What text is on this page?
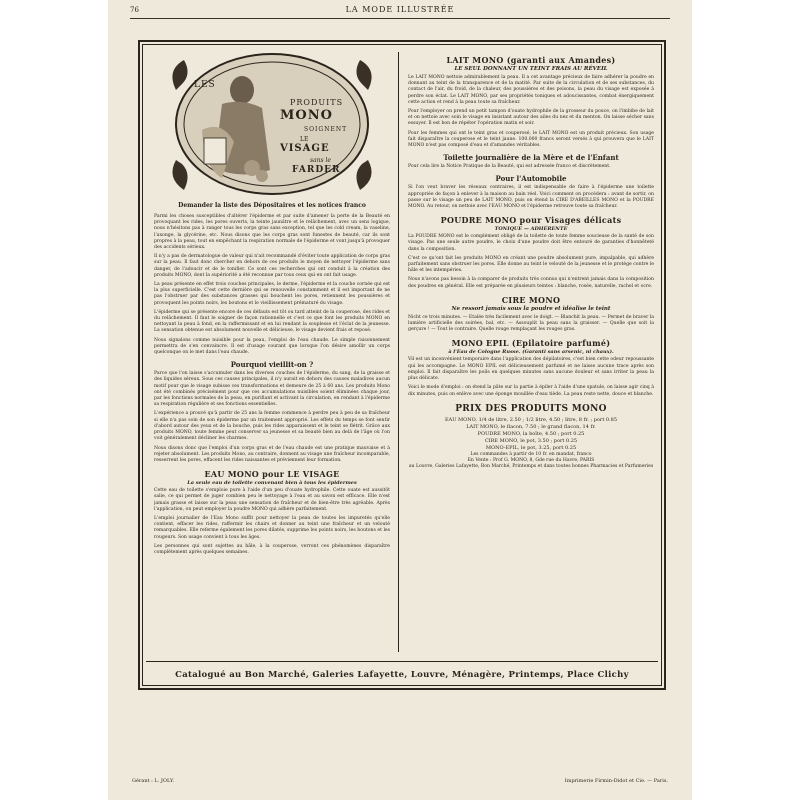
76	LA MODE ILLUSTRÉE
LES
PRODUITS
MONO
SOIGNENT
LE
VISAGE
sans le
FARDER
Demander la liste des Dépositaires et les notices franco

Parmi les choses susceptibles d'altérer l'épiderme et par suite d'amener la perte de la Beauté en provoquant les rides, les pores ouverts, la teinte jaunâtre et le relâchement, avec un sens logique, nous n'hésitons pas à ranger tous les corps gras sans exception, tel que les cold cream, la vaseline, l'axonge, la glycérine, etc. Nous disons que les corps gras sont funestes de beauté, car ils sont propres à la peau, tout en empêchant la respiration normale de l'épiderme et vont jusqu'à provoquer des accidents sérieux.

Il n'y a pas de dermatologue de valeur qui n'ait recommandé d'éviter toute application de corps gras sur la peau. Il faut donc chercher en dehors de ces produits le moyen de nettoyer l'épiderme sans danger, de l'adoucir et de le tonifier. Ce sont ces recherches qui ont conduit à la création des produits MONO, dont la supériorité a été reconnue par tous ceux qui en ont fait usage.

La peau présente en effet trois couches principales, le derme, l'épiderme et la couche cornée qui est la plus superficielle. C'est cette dernière qui se renouvelle constamment et il est important de ne pas l'obstruer par des substances grasses qui bouchent les pores, retiennent les poussières et provoquent les points noirs, les boutons et le vieillissement prématuré du visage.

L'épiderme qui se présente encore de ces défauts est tôt ou tard atteint de la couperose, des rides et du relâchement. Il faut le soigner de façon rationnelle et c'est ce que font les produits MONO en nettoyant la peau à fond, en la raffermissant et en lui rendant la souplesse et l'éclat de la jeunesse. La sensation obtenue est absolument nouvelle et délicieuse, le visage devient frais et reposé.

Nous signalons comme nuisible pour la peau, l'emploi de l'eau chaude. Le simple raisonnement permettra de s'en convaincre. Il est d'usage courant que lorsque l'on désire amollir un corps quelconque on le met dans l'eau chaude.

Pourquoi vieillit-on ?

Parce que l'on laisse s'accumuler dans les diverses couches de l'épiderme, du sang, de la graisse et des liquides séreux. Sous ces causes principales, il n'y aurait en dehors des causes maladives aucun motif pour que le visage subisse ces transformations et demeure de 25 à 60 ans. Les produits Mono ont été combinés précisément pour que ces accumulations nuisibles soient éliminées chaque jour, par les fonctions normales de la peau, en purifiant et activant la circulation, en rendant à l'épiderme sa respiration régulière et ses fonctions essentielles.

L'expérience a prouvé qu'à partir de 25 ans la femme commence à perdre peu à peu de sa fraîcheur si elle n'a pas soin de son épiderme par un traitement approprié. Les effets du temps se font sentir d'abord autour des yeux et de la bouche, puis les rides apparaissent et le teint se flétrit. Grâce aux produits MONO, toute femme peut conserver sa jeunesse et sa beauté bien au delà de l'âge où l'on voit généralement décliner les charmes.

Nous disons donc que l'emploi d'un corps gras et de l'eau chaude est une pratique mauvaise et à rejeter absolument. Les produits Mono, au contraire, donnent au visage une fraîcheur incomparable, resserrent les pores, effacent les rides naissantes et préviennent leur formation.

EAU MONO pour LE VISAGE
La seule eau de toilette convenant bien à tous les épidermes

Cette eau de toilette s'emploie pure à l'aide d'un peu d'ouate hydrophile. Cette ouate est aussitôt salie, ce qui permet de juger combien peu le nettoyage à l'eau et au savon est efficace. Elle n'est jamais grasse et laisse sur la peau une sensation de fraîcheur et de bien-être très agréable. Après l'application, on peut employer la poudre MONO qui adhère parfaitement.

L'emploi journalier de l'Eau Mono suffit pour nettoyer la peau de toutes les impuretés qu'elle contient, effacer les rides, raffermir les chairs et donner au teint une fraîcheur et un velouté remarquables. Elle referme également les pores dilatés, supprime les points noirs, les boutons et les rougeurs. Son usage convient à tous les âges.

Les personnes qui sont sujettes au hâle, à la couperose, verront ces phénomènes disparaître complètement après quelques semaines.

LAIT MONO (garanti aux Amandes)
LE SEUL DONNANT UN TEINT FRAIS AU RÉVEIL

Le LAIT MONO nettoie admirablement la peau. Il a cet avantage précieux de faire adhérer la poudre en donnant au teint de la transparence et de la matité. Par suite de la circulation et de ses substances, du contact de l'air, du froid, de la chaleur, des poussières et des poisons, la peau du visage est exposée à perdre son éclat. Le LAIT MONO, par ses propriétés toniques et adoucissantes, combat énergiquement cette action et rend à la peau toute sa fraîcheur.

Pour l'employer on prend un petit tampon d'ouate hydrophile de la grosseur du pouce, on l'imbibe de lait et on nettoie avec soin le visage en insistant autour des ailes du nez et du menton. On laisse sécher sans essuyer. Il est bon de répéter l'opération matin et soir.

Pour les femmes qui ont le teint gras et couperosé, le LAIT MONO est un produit précieux. Son usage fait disparaître la couperose et le teint jaune. 100.000 francs seront versés à qui prouvera que le LAIT MONO n'est pas composé d'eau et d'amandes véritables.

Toilette journalière de la Mère et de l'Enfant

Pour cela lire la Notice Pratique de la Beauté, qui est adressée franco et discrètement.

Pour l'Automobile

Si l'on veut braver les réseaux contraires, il est indispensable de faire à l'épiderme une toilette appropriée de façon à enlever à la maison au bain réel. Voici comment on procédera : avant de sortir, on passe sur le visage un peu de LAIT MONO, puis on étend la CIRE D'ABEILLES MONO et la POUDRE MONO. Au retour, on nettoie avec l'EAU MONO et l'épiderme retrouve toute sa fraîcheur.

POUDRE MONO pour Visages délicats
TONIQUE — ADHÉRENTE

La POUDRE MONO est le complément obligé de la toilette de toute femme soucieuse de la santé de son visage. Pas une seule autre poudre, le choix d'une poudre doit être entouré de garanties d'honnêteté dans la composition.

C'est ce qu'ont fait les produits MONO en créant une poudre absolument pure, impalpable, qui adhère parfaitement sans obstruer les pores. Elle donne au teint le velouté de la jeunesse et le protège contre le hâle et les intempéries.

Nous n'avons pas besoin à la comparer de produits très connus qui n'entrent jamais dans la composition des poudres en général. Elle est préparée en plusieurs teintes : blanche, rosée, naturelle, rachel et ocre.

CIRE MONO
Ne ressort jamais sous la poudre et idéalise le teint

Nicht ce trois minutes. — Etalée très facilement avec le doigt. — Blanchit la peau. — Permet de braver la lumière artificielle des soirées, bal, etc. — Assouplit la peau sans la graisser. — Quelle que soit la gerçure ! — Tout le contraire. Quelle rouge remplaçant les rouges gras.

MONO EPIL (Epilatoire parfumé)
à l'Eau de Cologne Russe. (Garanti sans arsenic, ni chaux).

Vil est un inconvénient temporaire dans l'application des dépilatoires, c'est bien cette odeur repoussante qui les accompagne. Le MONO EPIL est délicieusement parfumé et ne laisse aucune trace après son emploi. Il fait disparaître les poils en quelques minutes sans aucune douleur et sans irriter la peau la plus délicate.

Voici le mode d'emploi : on étend la pâte sur la partie à épiler à l'aide d'une spatule, on laisse agir cinq à dix minutes, puis on enlève avec une éponge mouillée d'eau tiède. La peau reste nette, douce et blanche.

PRIX DES PRODUITS MONO
EAU MONO, 1/4 de litre, 2.50 ; 1/2 litre, 4.50 ; litre, 8 fr. ; port 0.85
LAIT MONO, le flacon, 7.50 ; le grand flacon, 14 fr.
POUDRE MONO, la boîte, 4.50 ; port 0.25
CIRE MONO, le pot, 3.50 ; port 0.25
MONO-EPIL, le pot, 3.25, port 0.25
Les commandes à partir de 10 fr. en mandat, franco
En Vente : Prof G. MONO, 8, Gde rue du Havre, PARIS
au Louvre, Galeries Lafayette, Bon Marché, Printemps et dans toutes bonnes Pharmacies et Parfumeries
Catalogué au Bon Marché, Galeries Lafayette, Louvre, Ménagère, Printemps, Place Clichy
Gérant : L. JOLY.	Imprimerie Firmin-Didot et Cie. — Paris.
